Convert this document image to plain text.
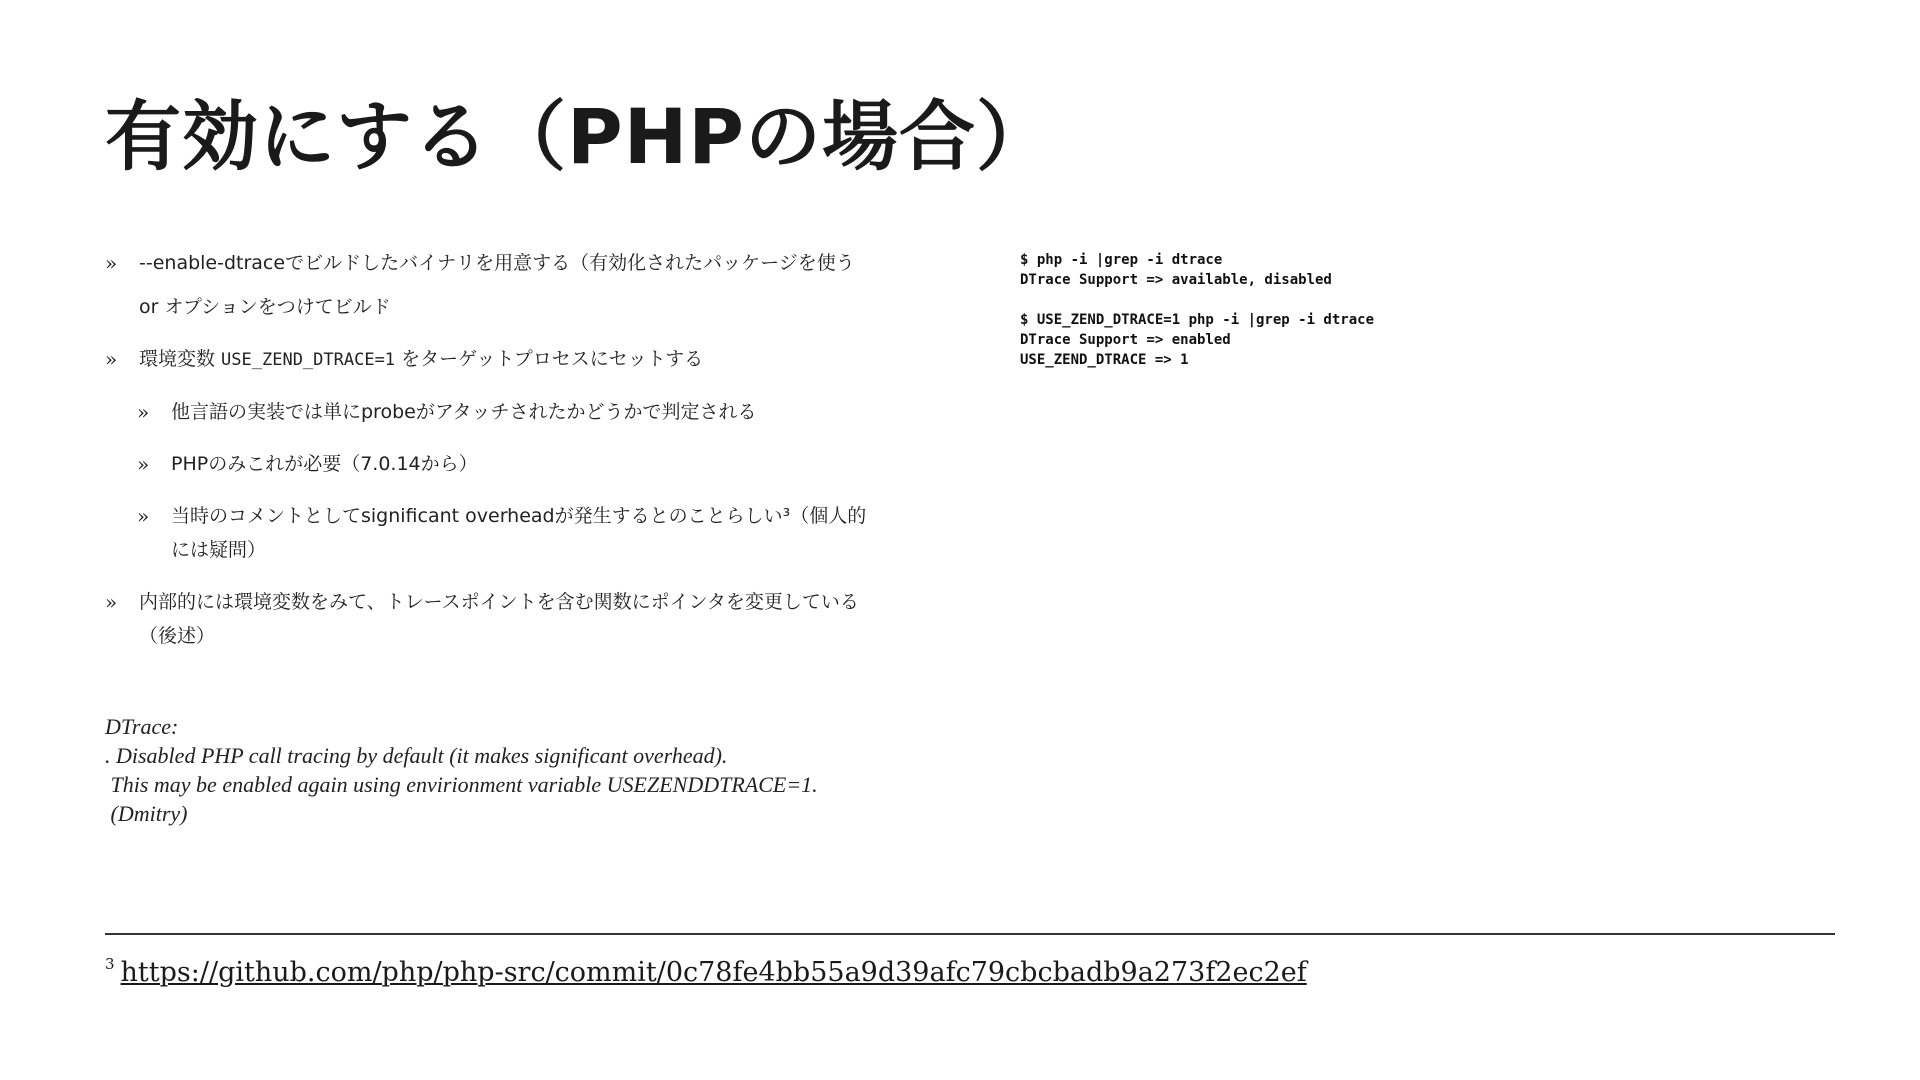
有効にする（PHPの場合）
» --enable-dtraceでビルドしたバイナリを用意する（有効化されたパッケージを使う
or オプションをつけてビルド
» 環境変数 USE_ZEND_DTRACE=1 をターゲットプロセスにセットする
» 他言語の実装では単にprobeがアタッチされたかどうかで判定される
» PHPのみこれが必要（7.0.14から）
» 当時のコメントとしてsignificant overheadが発生するとのことらしい³（個人的
には疑問）
» 内部的には環境変数をみて、トレースポイントを含む関数にポインタを変更している
（後述）
DTrace:
. Disabled PHP call tracing by default (it makes significant overhead).
This may be enabled again using envirionment variable USEZENDDTRACE=1.
(Dmitry)
$ php -i |grep -i dtrace
DTrace Support => available, disabled
$ USE_ZEND_DTRACE=1 php -i |grep -i dtrace
DTrace Support => enabled
USE_ZEND_DTRACE => 1
$^3$ https://github.com/php/php-src/commit/0c78fe4bb55a9d39afc79cbcbadb9a273f2ec2ef
